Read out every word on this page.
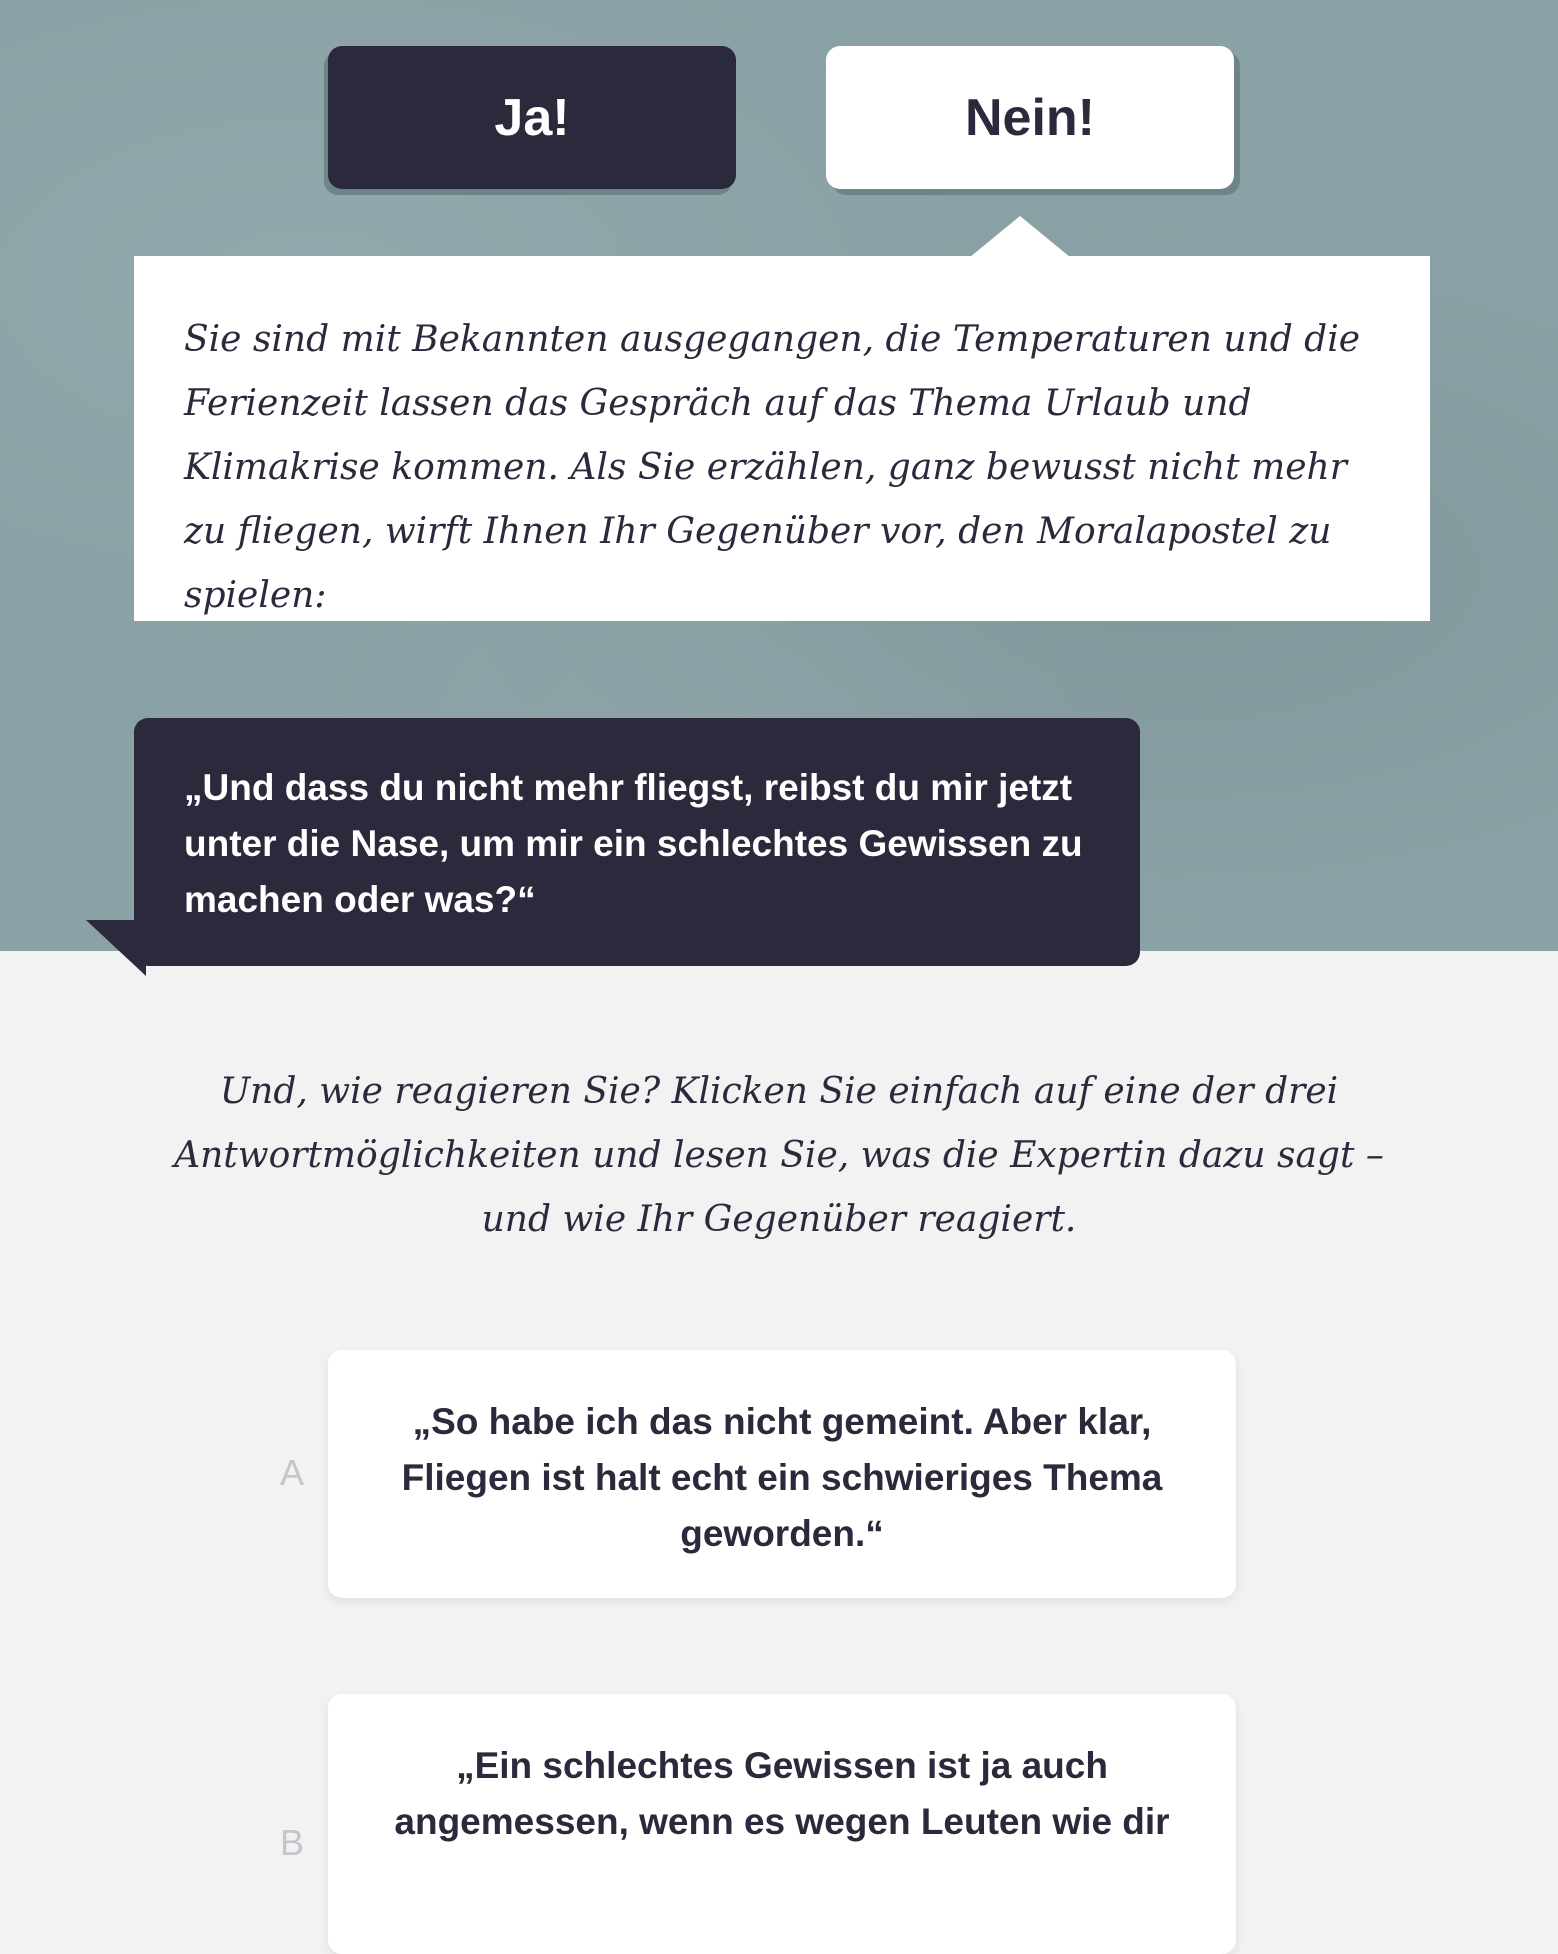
Ja!	Nein!

Sie sind mit Bekannten ausgegangen, die Temperaturen und die Ferienzeit lassen das Gespräch auf das Thema Urlaub und Klimakrise kommen. Als Sie erzählen, ganz bewusst nicht mehr zu fliegen, wirft Ihnen Ihr Gegenüber vor, den Moralapostel zu spielen:

„Und dass du nicht mehr fliegst, reibst du mir jetzt unter die Nase, um mir ein schlechtes Gewissen zu machen oder was?“

Und, wie reagieren Sie? Klicken Sie einfach auf eine der drei Antwortmöglichkeiten und lesen Sie, was die Expertin dazu sagt – und wie Ihr Gegenüber reagiert.

A
„So habe ich das nicht gemeint. Aber klar, Fliegen ist halt echt ein schwieriges Thema geworden.“
B
„Ein schlechtes Gewissen ist ja auch angemessen, wenn es wegen Leuten wie dir
